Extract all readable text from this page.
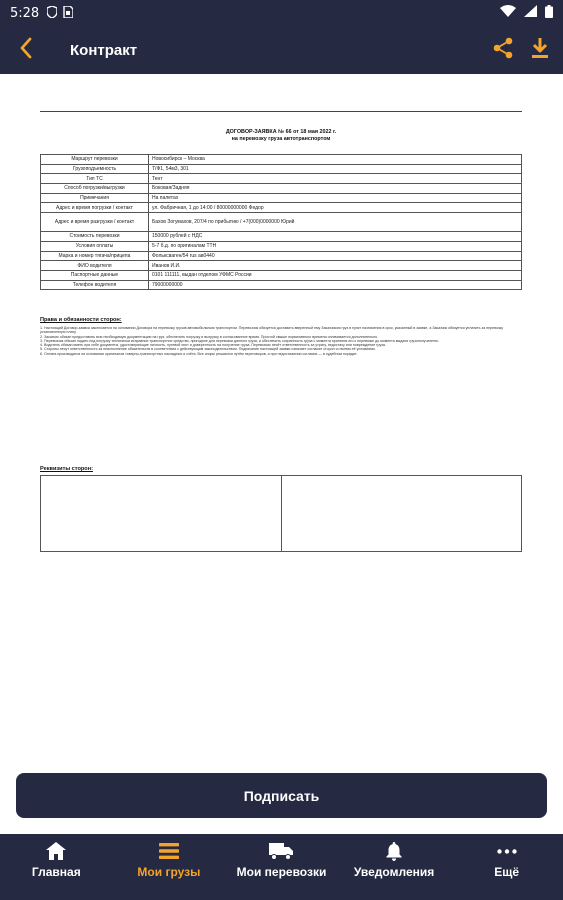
5:28
Контракт
ДОГОВОР-ЗАЯВКА № 66 от 18 мая 2022 г.
на перевозку груза автотранспортом
Маршрут перевозки	Новосибирск – Москва
Грузоподъемность	Т/Ф1, 54м3, 301
Тип ТС	Тент
Способ погрузки/выгрузки	Боковая/Задняя
Примечания	На палетах
Адрес и время погрузки / контакт	ул. Фабричная, 1 до 14:00 / 80000000000 Федор
Адрес и время разгрузки / контакт	Бахов Зогумахов, 207/4 по прибытию / +7(000)0000000 Юрий
Стоимость перевозки	150000 рублей с НДС
Условия оплаты	5-7 б.д. по оригиналам ТТН
Марка и номер тягача/прицепа	Фольксваген/54 rus ав0440
ФИО водителя	Иванов И.И.
Паспортные данные	0101 111111, выдан отделом УФМС России
Телефон водителя	79000000000
Права и обязанности сторон:

1. Настоящий Договор-заявка заключается на основании Договора на перевозку грузов автомобильным транспортом. Перевозчик обязуется доставить вверенный ему Заказчиком груз в пункт назначения в срок, указанный в заявке, а Заказчик обязуется уплатить за перевозку установленную плату.

2. Заказчик обязан предоставить всю необходимую документацию на груз, обеспечить погрузку и выгрузку в согласованное время. Простой свыше нормативного времени оплачивается дополнительно.

3. Перевозчик обязан подать под погрузку технически исправное транспортное средство, пригодное для перевозки данного груза, и обеспечить сохранность груза с момента принятия его к перевозке до момента выдачи грузополучателю.

4. Водитель обязан иметь при себе документы, удостоверяющие личность, путевой лист и доверенность на получение груза. Перевозчик несёт ответственность за утрату, недостачу или повреждение груза.

5. Стороны несут ответственность за неисполнение обязательств в соответствии с действующим законодательством. Подписание настоящей заявки означает согласие сторон со всеми её условиями.

6. Оплата производится на основании оригиналов товарно-транспортных накладных и счёта. Все споры решаются путём переговоров, а при недостижении согласия — в судебном порядке.

Реквизиты сторон:
Подписать
Главная	Мои грузы	Мои перевозки Уведомления	Ещё
